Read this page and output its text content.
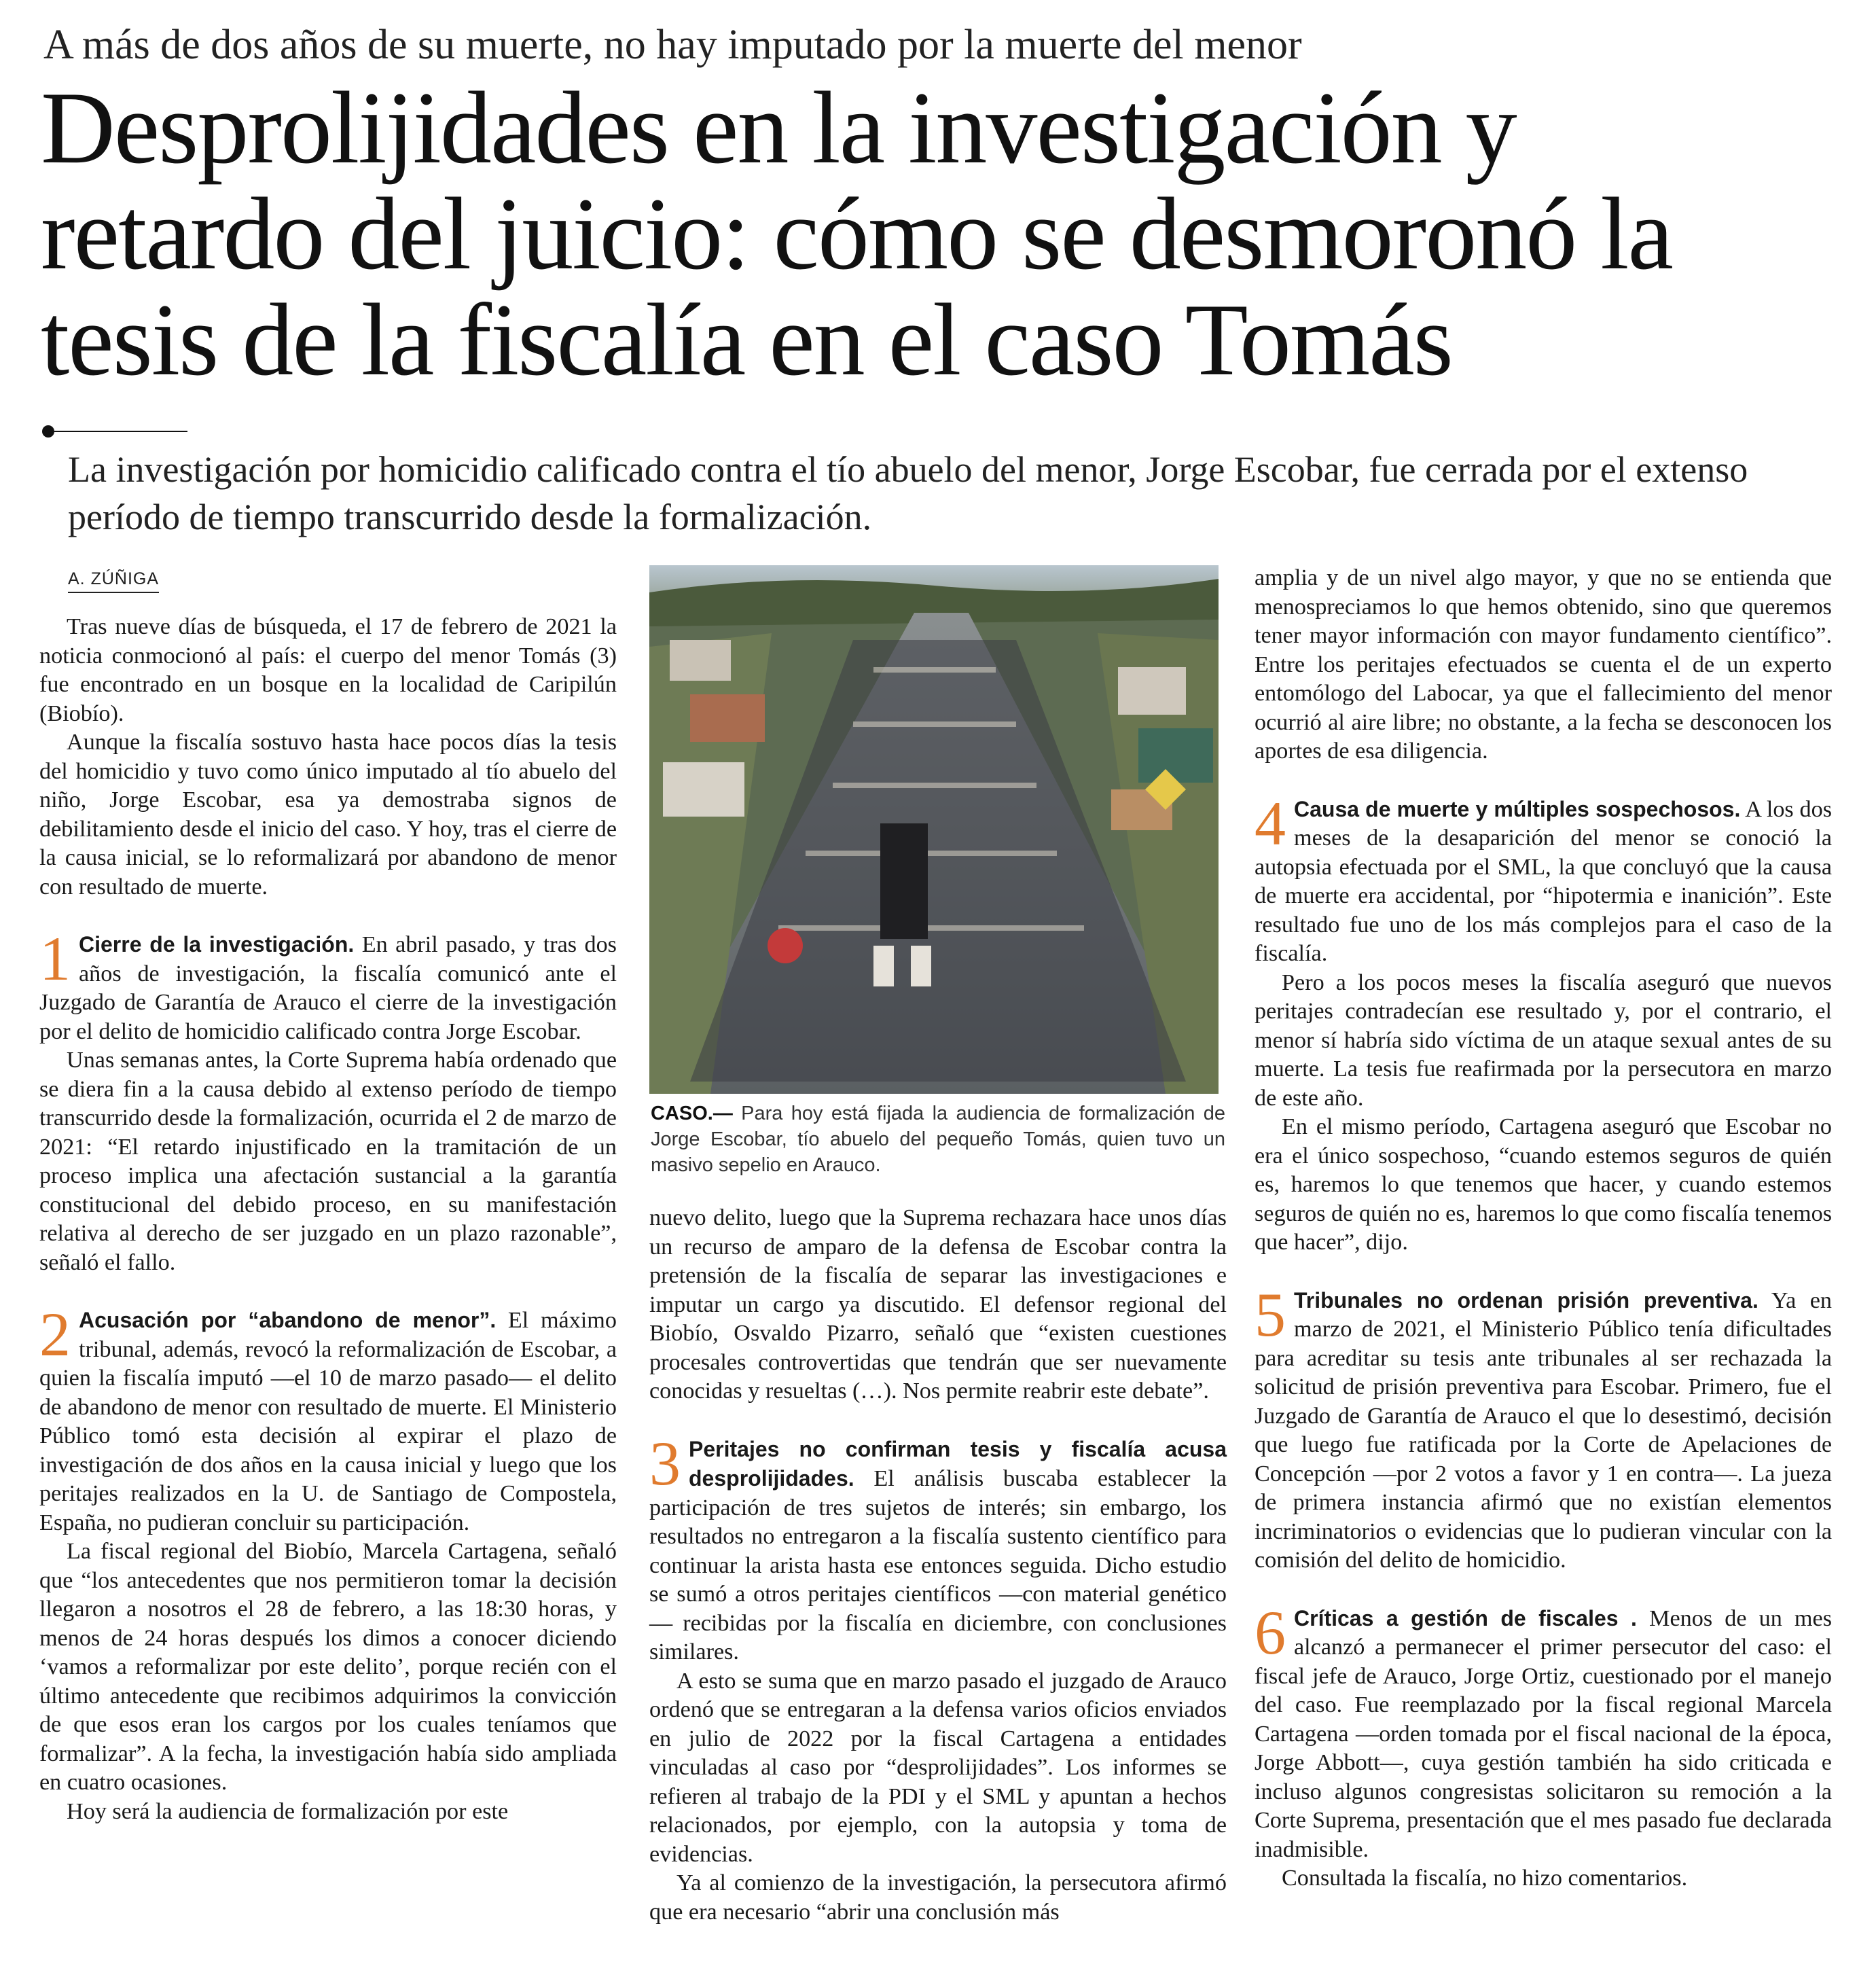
A más de dos años de su muerte, no hay imputado por la muerte del menor
Desprolijidades en la investigación y
retardo del juicio: cómo se desmoronó la
tesis de la fiscalía en el caso Tomás
La investigación por homicidio calificado contra el tío abuelo del menor, Jorge Escobar, fue cerrada por el extenso período de tiempo transcurrido desde la formalización.
A. ZÚÑIGA

Tras nueve días de búsqueda, el 17 de febrero de 2021 la noticia conmocionó al país: el cuerpo del menor Tomás (3) fue encontrado en un bosque en la localidad de Caripilún (Biobío).

Aunque la fiscalía sostuvo hasta hace pocos días la tesis del homicidio y tuvo como único imputado al tío abuelo del niño, Jorge Escobar, esa ya demostraba signos de debilitamiento desde el inicio del caso. Y hoy, tras el cierre de la causa inicial, se lo reformalizará por abandono de menor con resultado de muerte.

1 Cierre de la investigación. En abril pasado, y tras dos años de investigación, la fiscalía comunicó ante el Juzgado de Garantía de Arauco el cierre de la investigación por el delito de homicidio calificado contra Jorge Escobar.

Unas semanas antes, la Corte Suprema había ordenado que se diera fin a la causa debido al extenso período de tiempo transcurrido desde la formalización, ocurrida el 2 de marzo de 2021: “El retardo injustificado en la tramitación de un proceso implica una afectación sustancial a la garantía constitucional del debido proceso, en su manifestación relativa al derecho de ser juzgado en un plazo razonable”, señaló el fallo.

2 Acusación por “abandono de menor”. El máximo tribunal, además, revocó la reformalización de Escobar, a quien la fiscalía imputó —el 10 de marzo pasado— el delito de abandono de menor con resultado de muerte. El Ministerio Público tomó esta decisión al expirar el plazo de investigación de dos años en la causa inicial y luego que los peritajes realizados en la U. de Santiago de Compostela, España, no pudieran concluir su participación.

La fiscal regional del Biobío, Marcela Cartagena, señaló que “los antecedentes que nos permitieron tomar la decisión llegaron a nosotros el 28 de febrero, a las 18:30 horas, y menos de 24 horas después los dimos a conocer diciendo ‘vamos a reformalizar por este delito’, porque recién con el último antecedente que recibimos adquirimos la convicción de que esos eran los cargos por los cuales teníamos que formalizar”. A la fecha, la investigación había sido ampliada en cuatro ocasiones.

Hoy será la audiencia de formalización por este

CASO.— Para hoy está fijada la audiencia de formalización de Jorge Escobar, tío abuelo del pequeño Tomás, quien tuvo un masivo sepelio en Arauco.

nuevo delito, luego que la Suprema rechazara hace unos días un recurso de amparo de la defensa de Escobar contra la pretensión de la fiscalía de separar las investigaciones e imputar un cargo ya discutido. El defensor regional del Biobío, Osvaldo Pizarro, señaló que “existen cuestiones procesales controvertidas que tendrán que ser nuevamente conocidas y resueltas (…). Nos permite reabrir este debate”.

3 Peritajes no confirman tesis y fiscalía acusa desprolijidades. El análisis buscaba establecer la participación de tres sujetos de interés; sin embargo, los resultados no entregaron a la fiscalía sustento científico para continuar la arista hasta ese entonces seguida. Dicho estudio se sumó a otros peritajes científicos —con material genético— recibidas por la fiscalía en diciembre, con conclusiones similares.

A esto se suma que en marzo pasado el juzgado de Arauco ordenó que se entregaran a la defensa varios oficios enviados en julio de 2022 por la fiscal Cartagena a entidades vinculadas al caso por “desprolijidades”. Los informes se refieren al trabajo de la PDI y el SML y apuntan a hechos relacionados, por ejemplo, con la autopsia y toma de evidencias.

Ya al comienzo de la investigación, la persecutora afirmó que era necesario “abrir una conclusión más

amplia y de un nivel algo mayor, y que no se entienda que menospreciamos lo que hemos obtenido, sino que queremos tener mayor información con mayor fundamento científico”. Entre los peritajes efectuados se cuenta el de un experto entomólogo del Labocar, ya que el fallecimiento del menor ocurrió al aire libre; no obstante, a la fecha se desconocen los aportes de esa diligencia.

4 Causa de muerte y múltiples sospechosos. A los dos meses de la desaparición del menor se conoció la autopsia efectuada por el SML, la que concluyó que la causa de muerte era accidental, por “hipotermia e inanición”. Este resultado fue uno de los más complejos para el caso de la fiscalía.

Pero a los pocos meses la fiscalía aseguró que nuevos peritajes contradecían ese resultado y, por el contrario, el menor sí habría sido víctima de un ataque sexual antes de su muerte. La tesis fue reafirmada por la persecutora en marzo de este año.

En el mismo período, Cartagena aseguró que Escobar no era el único sospechoso, “cuando estemos seguros de quién es, haremos lo que tenemos que hacer, y cuando estemos seguros de quién no es, haremos lo que como fiscalía tenemos que hacer”, dijo.

5 Tribunales no ordenan prisión preventiva. Ya en marzo de 2021, el Ministerio Público tenía dificultades para acreditar su tesis ante tribunales al ser rechazada la solicitud de prisión preventiva para Escobar. Primero, fue el Juzgado de Garantía de Arauco el que lo desestimó, decisión que luego fue ratificada por la Corte de Apelaciones de Concepción —por 2 votos a favor y 1 en contra—. La jueza de primera instancia afirmó que no existían elementos incriminatorios o evidencias que lo pudieran vincular con la comisión del delito de homicidio.

6 Críticas a gestión de fiscales . Menos de un mes alcanzó a permanecer el primer persecutor del caso: el fiscal jefe de Arauco, Jorge Ortiz, cuestionado por el manejo del caso. Fue reemplazado por la fiscal regional Marcela Cartagena —orden tomada por el fiscal nacional de la época, Jorge Abbott—, cuya gestión también ha sido criticada e incluso algunos congresistas solicitaron su remoción a la Corte Suprema, presentación que el mes pasado fue declarada inadmisible.

Consultada la fiscalía, no hizo comentarios.
